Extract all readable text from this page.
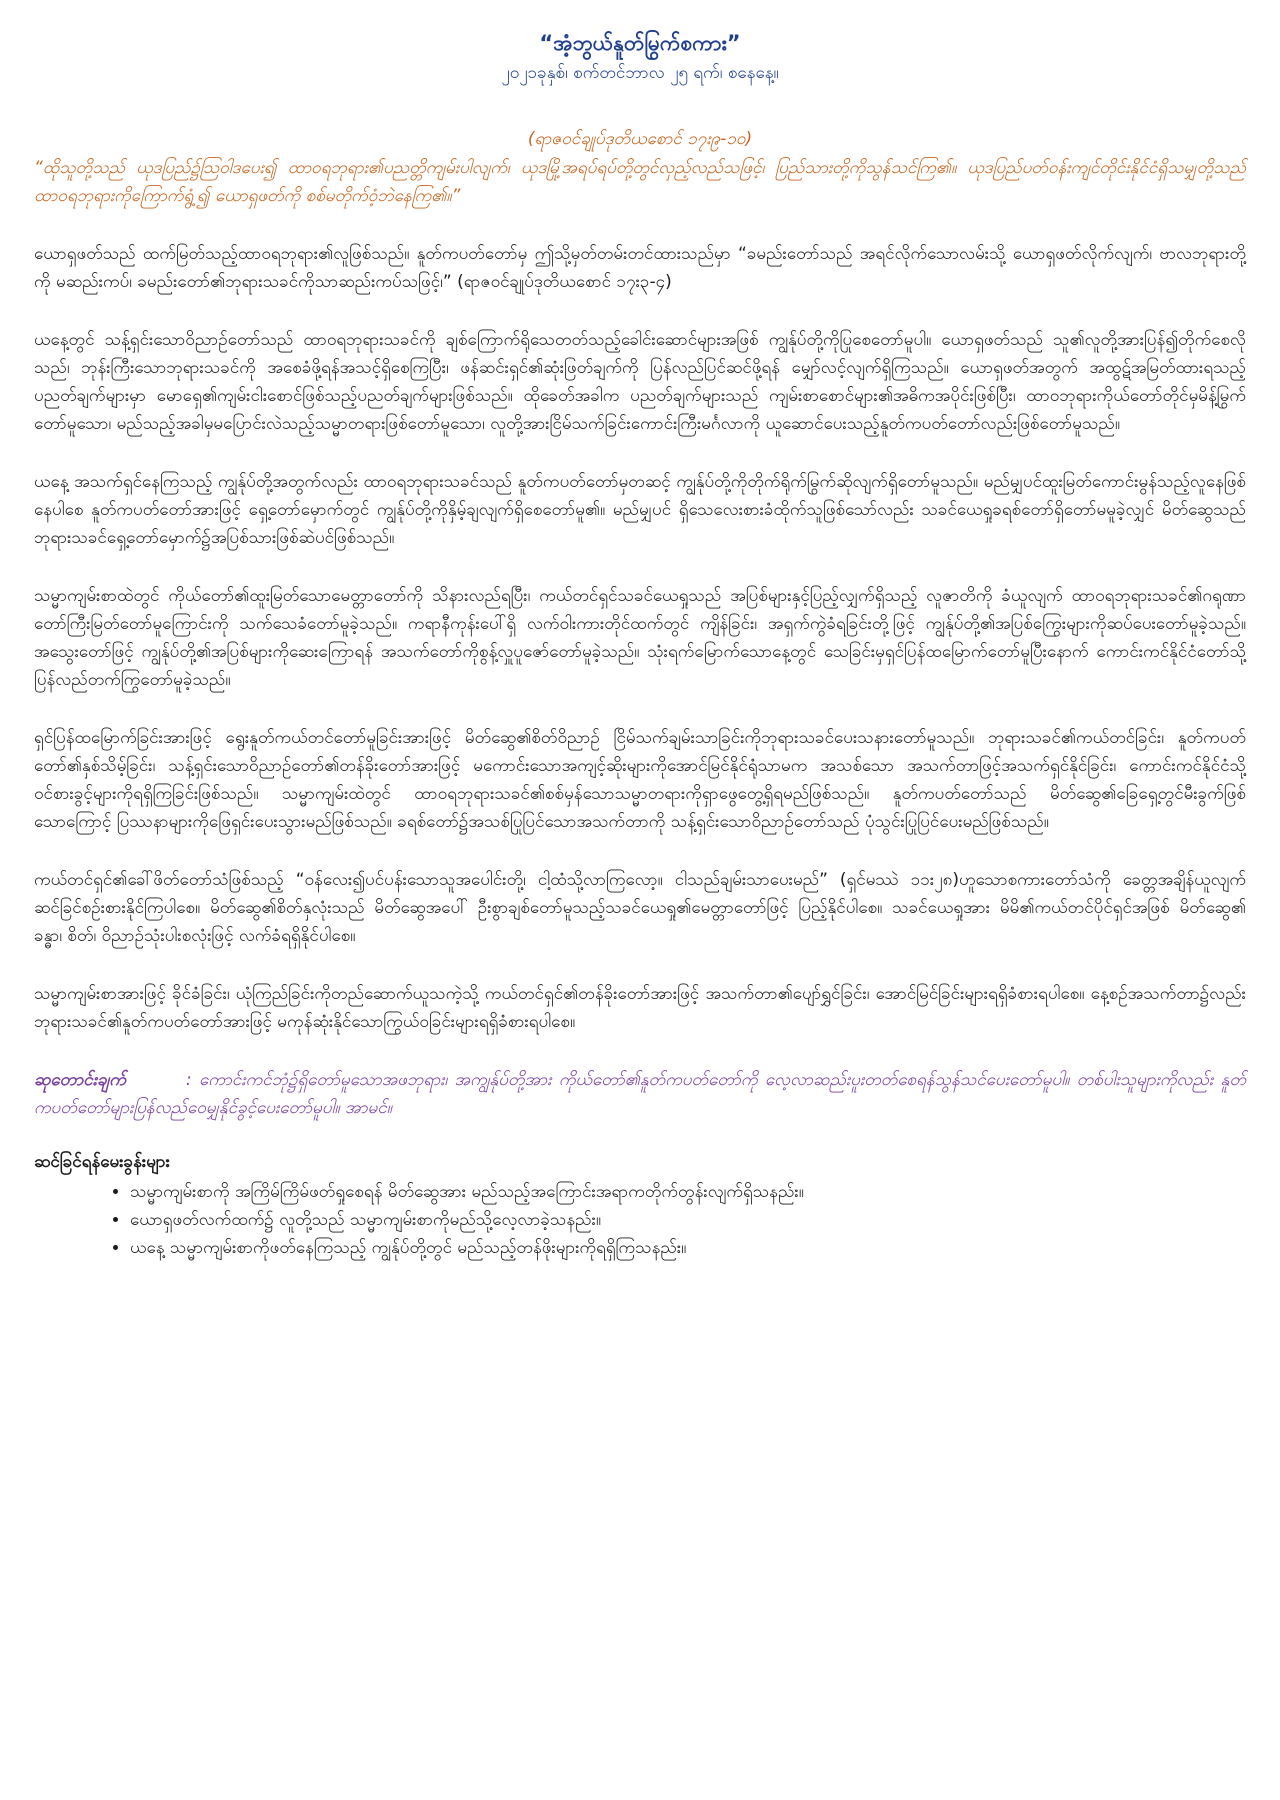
“အံ့ဘွယ်နူတ်မြွက်စကား”

၂၀၂၁ခုနှစ်၊ စက်တင်ဘာလ ၂၅ ရက်၊ စနေနေ့။

(ရာဇဝင်ချုပ်ဒုတိယစောင် ၁၇း၉-၁၀)

“ထိုသူတို့သည် ယုဒပြည်၌ဩဝါဒပေး၍ ထာဝရဘုရား၏ပညတ္တိကျမ်းပါလျက်၊ ယုဒမြို့အရပ်ရပ်တို့တွင်လှည့်လည်သဖြင့်၊ ပြည်သားတို့ကိုသွန်သင်ကြ၏။ ယုဒပြည်ပတ်ဝန်းကျင်တိုင်းနိုင်ငံရှိသမျှတို့သည် ထာဝရဘုရားကိုကြောက်ရွံ့၍ ယောရှဖတ်ကို စစ်မတိုက်ဝံ့ဘဲနေကြ၏။”

ယောရှဖတ်သည် ထက်မြတ်သည့်ထာဝရဘုရား၏လူဖြစ်သည်။ နူတ်ကပတ်တော်မှ ဤသို့မှတ်တမ်းတင်ထားသည်မှာ “ခမည်းတော်သည် အရင်လိုက်သောလမ်းသို့ ယောရှဖတ်လိုက်လျက်၊ ဗာလဘုရားတို့ကို မဆည်းကပ်၊ ခမည်းတော်၏ဘုရားသခင်ကိုသာဆည်းကပ်သဖြင့်၊” (ရာဇဝင်ချုပ်ဒုတိယစောင် ၁၇း၃-၄)

ယနေ့တွင် သန့်ရှင်းသောဝိညာဉ်တော်သည် ထာဝရဘုရားသခင်ကို ချစ်ကြောက်ရိုသေတတ်သည့်ခေါင်းဆောင်များအဖြစ် ကျွန်ုပ်တို့ကိုပြုစေတော်မူပါ။ ယောရှဖတ်သည် သူ၏လူတို့အားပြန်၍တိုက်စေလိုသည်၊ ဘုန်းကြီးသောဘုရားသခင်ကို အစေခံဖို့ရန်အသင့်ရှိစေကြပြီး၊ ဖန်ဆင်းရှင်၏ဆုံးဖြတ်ချက်ကို ပြန်လည်ပြင်ဆင်ဖို့ရန် မျှော်လင့်လျက်ရှိကြသည်။ ယောရှဖတ်အတွက် အထွဋ်အမြတ်ထားရသည့်ပညတ်ချက်များမှာ မောရှေ၏ကျမ်းငါးစောင်ဖြစ်သည့်ပညတ်ချက်များဖြစ်သည်။ ထိုခေတ်အခါက ပညတ်ချက်များသည် ကျမ်းစာစောင်များ၏အဓိကအပိုင်းဖြစ်ပြီး၊ ထာဝဘုရားကိုယ်တော်တိုင်မှမိန့်မြွက်တော်မူသော၊ မည်သည့်အခါမှမပြောင်းလဲသည့်သမ္မာတရားဖြစ်တော်မူသော၊ လူတို့အားငြိမ်သက်ခြင်းကောင်းကြီးမင်္ဂလာကို ယူဆောင်ပေးသည့်နူတ်ကပတ်တော်လည်းဖြစ်တော်မူသည်။

ယနေ့ အသက်ရှင်နေကြသည့် ကျွန်ုပ်တို့အတွက်လည်း ထာဝရဘုရားသခင်သည် နူတ်ကပတ်တော်မှတဆင့် ကျွန်ုပ်တို့ကိုတိုက်ရိုက်မြွက်ဆိုလျက်ရှိတော်မူသည်။ မည်မျှပင်ထူးမြတ်ကောင်းမွန်သည့်လူနေဖြစ်နေပါစေ နူတ်ကပတ်တော်အားဖြင့် ရှေ့တော်မှောက်တွင် ကျွန်ုပ်တို့ကိုနှိမ့်ချလျက်ရှိစေတော်မူ၏။ မည်မျှပင် ရှိသေလေးစားခံထိုက်သူဖြစ်သော်လည်း သခင်ယေရှုခရစ်တော်ရှိတော်မမူခဲ့လျှင် မိတ်ဆွေသည် ဘုရားသခင်ရှေ့တော်မှောက်၌အပြစ်သားဖြစ်ဆဲပင်ဖြစ်သည်။

သမ္မာကျမ်းစာထဲတွင် ကိုယ်တော်၏ထူးမြတ်သောမေတ္တာတော်ကို သိနားလည်ရပြီး၊ ကယ်တင်ရှင်သခင်ယေရှုသည် အပြစ်များနှင့်ပြည့်လျှက်ရှိသည့် လူဇာတိကို ခံယူလျက် ထာဝရဘုရားသခင်၏ဂရုဏာတော်ကြီးမြတ်တော်မူကြောင်းကို သက်သေခံတော်မူခဲ့သည်။ ကရာနီကုန်းပေါ်ရှိ လက်ဝါးကားတိုင်ထက်တွင် ကျိန်ခြင်း၊ အရှက်ကွဲခံရခြင်းတို့ဖြင့် ကျွန်ုပ်တို့၏အပြစ်ကြွေးများကိုဆပ်ပေးတော်မူခဲ့သည်။ အသွေးတော်ဖြင့် ကျွန်ုပ်တို့၏အပြစ်များကိုဆေးကြောရန် အသက်တော်ကိုစွန့်လှူပူဇော်တော်မူခဲ့သည်။ သုံးရက်မြောက်သောနေ့တွင် သေခြင်းမှရှင်ပြန်ထမြောက်တော်မူပြီးနောက် ကောင်းကင်နိုင်ငံတော်သို့ ပြန်လည်တက်ကြွတော်မူခဲ့သည်။

ရှင်ပြန်ထမြောက်ခြင်းအားဖြင့် ရွေးနူတ်ကယ်တင်တော်မူခြင်းအားဖြင့် မိတ်ဆွေ၏စိတ်ဝိညာဉ် ငြိမ်သက်ချမ်းသာခြင်းကိုဘုရားသခင်ပေးသနားတော်မူသည်။ ဘုရားသခင်၏ကယ်တင်ခြင်း၊ နူတ်ကပတ်တော်၏နှစ်သိမ့်ခြင်း၊ သန့်ရှင်းသောဝိညာဉ်တော်၏တန်ခိုးတော်အားဖြင့် မကောင်းသောအကျင့်ဆိုးများကိုအောင်မြင်နိုင်ရုံသာမက အသစ်သော အသက်တာဖြင့်အသက်ရှင်နိုင်ခြင်း၊ ကောင်းကင်နိုင်ငံသို့ဝင်စားခွင့်များကိုရရှိကြခြင်းဖြစ်သည်။ သမ္မာကျမ်းထဲတွင် ထာဝရဘုရားသခင်၏စစ်မှန်သောသမ္မာတရားကိုရှာဖွေတွေ့ရှိရမည်ဖြစ်သည်။ နူတ်ကပတ်တော်သည် မိတ်ဆွေ၏ခြေရှေ့တွင်မီးခွက်ဖြစ်သောကြောင့် ပြဿနာများကိုဖြေရှင်းပေးသွားမည်ဖြစ်သည်။ ခရစ်တော်၌အသစ်ပြုပြင်သောအသက်တာကို သန့်ရှင်းသောဝိညာဉ်တော်သည် ပုံသွင်းပြုပြင်ပေးမည်ဖြစ်သည်။

ကယ်တင်ရှင်၏ခေါ်ဖိတ်တော်သံဖြစ်သည့် “ဝန်လေး၍ပင်ပန်းသောသူအပေါင်းတို့၊ ငါ့ထံသို့လာကြလော့။ ငါသည်ချမ်းသာပေးမည်” (ရှင်မဿဲ ၁၁း၂၈)ဟူသောစကားတော်သံကို ခေတ္တအချိန်ယူလျက်ဆင်ခြင်စဉ်းစားနိုင်ကြပါစေ။ မိတ်ဆွေ၏စိတ်နှလုံးသည် မိတ်ဆွေအပေါ် ဦးစွာချစ်တော်မူသည့်သခင်ယေရှု၏မေတ္တာတော်ဖြင့် ပြည့်နိုင်ပါစေ။ သခင်ယေရှုအား မိမိ၏ကယ်တင်ပိုင်ရှင်အဖြစ် မိတ်ဆွေ၏ ခန္ဓာ၊ စိတ်၊ ဝိညာဉ်သုံးပါးစလုံးဖြင့် လက်ခံရရှိနိုင်ပါစေ။

သမ္မာကျမ်းစာအားဖြင့် ခိုင်ခံခြင်း၊ ယုံကြည်ခြင်းကိုတည်ဆောက်ယူသကဲ့သို့ ကယ်တင်ရှင်၏တန်ခိုးတော်အားဖြင့် အသက်တာ၏ပျော်ရွှင်ခြင်း၊ အောင်မြင်ခြင်းများရရှိခံစားရပါစေ။ နေ့စဉ်အသက်တာ၌လည်း ဘုရားသခင်၏နူတ်ကပတ်တော်အားဖြင့် မကုန်ဆုံးနိုင်သောကြွယ်ဝခြင်းများရရှိခံစားရပါစေ။

ဆုတောင်းချက်	: ကောင်းကင်ဘုံ၌ရှိတော်မူသောအဖဘုရား၊ အကျွန်ုပ်တို့အား ကိုယ်တော်၏နူတ်ကပတ်တော်ကို လေ့လာဆည်းပူးတတ်စေရန်သွန်သင်ပေးတော်မူပါ။ တစ်ပါးသူများကိုလည်း နူတ်ကပတ်တော်များပြန်လည်ဝေမျှနိုင်ခွင့်ပေးတော်မူပါ။ အာမင်။

ဆင်ခြင်ရန်မေးခွန်းများ

• သမ္မာကျမ်းစာကို အကြိမ်ကြိမ်ဖတ်ရှုစေရန် မိတ်ဆွေအား မည်သည့်အကြောင်းအရာကတိုက်တွန်းလျက်ရှိသနည်း။
• ယောရှဖတ်လက်ထက်၌ လူတို့သည် သမ္မာကျမ်းစာကိုမည်သို့လေ့လာခဲ့သနည်း။
• ယနေ့ သမ္မာကျမ်းစာကိုဖတ်နေကြသည့် ကျွန်ုပ်တို့တွင် မည်သည့်တန်ဖိုးများကိုရရှိကြသနည်း။
